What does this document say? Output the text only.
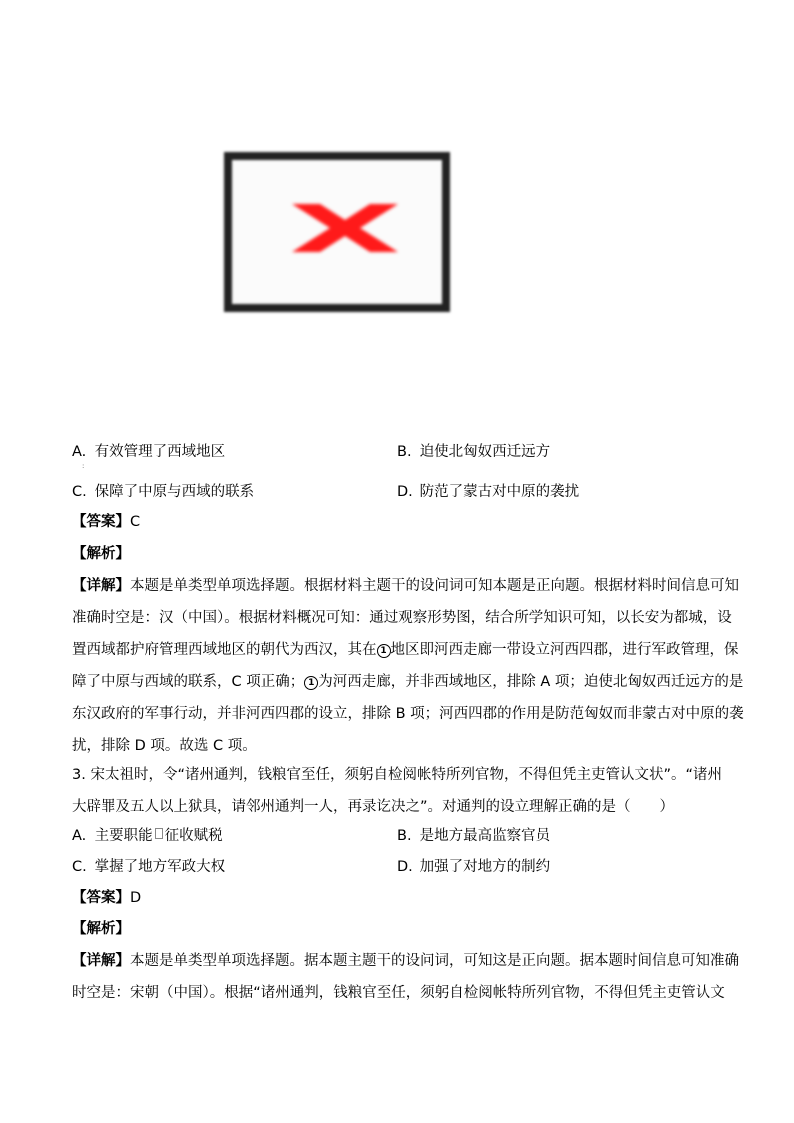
A. 有效管理了西域地区	B. 迫使北匈奴西迁远方
:
C. 保障了中原与西域的联系	D. 防范了蒙古对中原的袭扰
【答案】C
【解析】
【详解】本题是单类型单项选择题。根据材料主题干的设问词可知本题是正向题。根据材料时间信息可知
准确时空是：汉（中国）。根据材料概况可知：通过观察形势图，结合所学知识可知，以长安为都城，设
置西域都护府管理西域地区的朝代为西汉，其在 1 地区即河西走廊一带设立河西四郡，进行军政管理，保
障了中原与西域的联系，C 项正确； 1 为河西走廊，并非西域地区，排除 A 项；迫使北匈奴西迁远方的是
东汉政府的军事行动，并非河西四郡的设立，排除 B 项；河西四郡的作用是防范匈奴而非蒙古对中原的袭
扰，排除 D 项。故选 C 项。
3. 宋太祖时，令“诸州通判，钱粮官至任，须躬自检阅帐特所列官物，不得但凭主吏管认文状”。“诸州
大辟罪及五人以上狱具，请邻州通判一人，再录讫决之”。对通判的设立理解正确的是（　　）
A. 主要职能 征收赋税	B. 是地方最高监察官员
C. 掌握了地方军政大权	D. 加强了对地方的制约
【答案】D
【解析】
【详解】本题是单类型单项选择题。据本题主题干的设问词，可知这是正向题。据本题时间信息可知准确
时空是：宋朝（中国）。根据“诸州通判，钱粮官至任，须躬自检阅帐特所列官物，不得但凭主吏管认文
